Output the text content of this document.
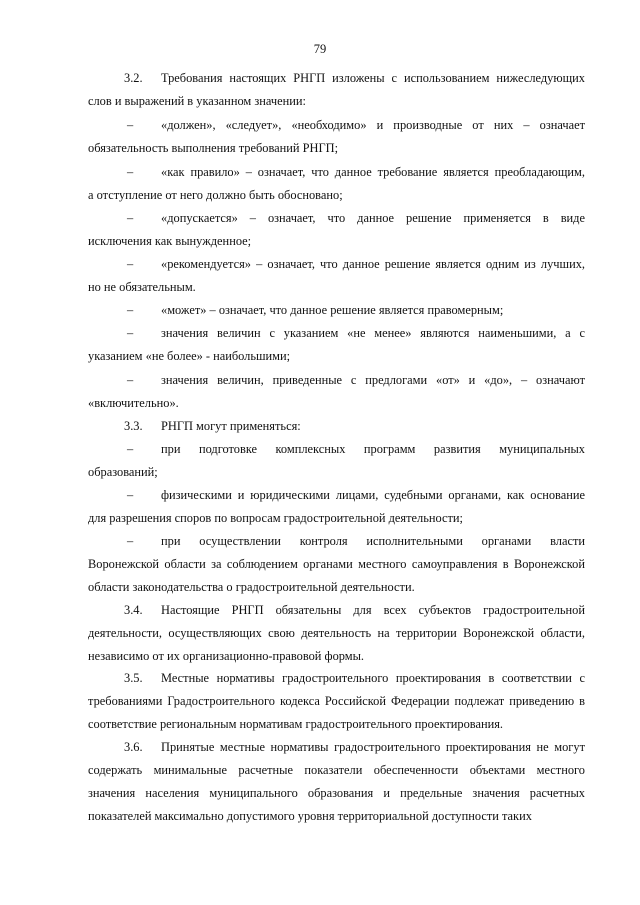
79
3.2.	Требования настоящих РНГП изложены с использованием нижеследующих
слов и выражений в указанном значении:
–	«должен», «следует», «необходимо» и производные от них – означает
обязательность выполнения требований РНГП;
–	«как правило» – означает, что данное требование является преобладающим,
а отступление от него должно быть обосновано;
–	«допускается» – означает, что данное решение применяется в виде
исключения как вынужденное;
–	«рекомендуется» – означает, что данное решение является одним из лучших,
но не обязательным.
–	«может» – означает, что данное решение является правомерным;
–	значения величин с указанием «не менее» являются наименьшими, а с
указанием «не более» - наибольшими;
–	значения величин, приведенные с предлогами «от» и «до», – означают
«включительно».
3.3.	РНГП могут применяться:
–	при подготовке комплексных программ развития муниципальных
образований;
–	физическими и юридическими лицами, судебными органами, как основание
для разрешения споров по вопросам градостроительной деятельности;
–	при осуществлении контроля исполнительными органами власти
Воронежской области за соблюдением органами местного самоуправления в Воронежской области законодательства о градостроительной деятельности.
3.4.	Настоящие РНГП обязательны для всех субъектов градостроительной
деятельности, осуществляющих свою деятельность на территории Воронежской области, независимо от их организационно-правовой формы.
3.5.	Местные нормативы градостроительного проектирования в соответствии с
требованиями Градостроительного кодекса Российской Федерации подлежат приведению в соответствие региональным нормативам градостроительного проектирования.
3.6.	Принятые местные нормативы градостроительного проектирования не могут
содержать минимальные расчетные показатели обеспеченности объектами местного значения населения муниципального образования и предельные значения расчетных показателей максимально допустимого уровня территориальной доступности таких
